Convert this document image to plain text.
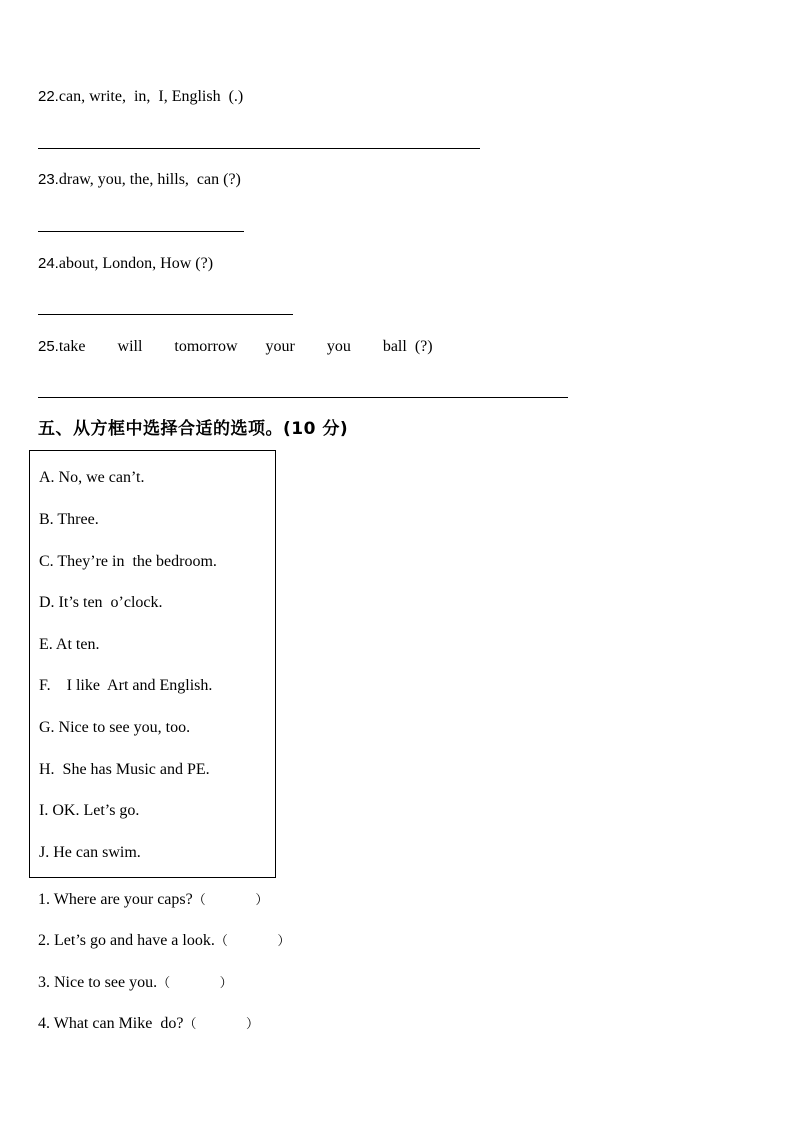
22.can, write,  in,  I, English  (.)
23.draw, you, the, hills,  can (?)
24.about, London, How (?)
25.take        will        tomorrow       your        you        ball  (?)
五、从方框中选择合适的选项。(10 分)
A. No, we can’t.
B. Three.
C. They’re in  the bedroom.
D. It’s ten  o’clock.
E. At ten.
F.    I like  Art and English.
G. Nice to see you, too.
H.  She has Music and PE.
I. OK. Let’s go.
J. He can swim.
1. Where are your caps?（            ）
2. Let’s go and have a look.（            ）
3. Nice to see you.（            ）
4. What can Mike  do?（            ）
